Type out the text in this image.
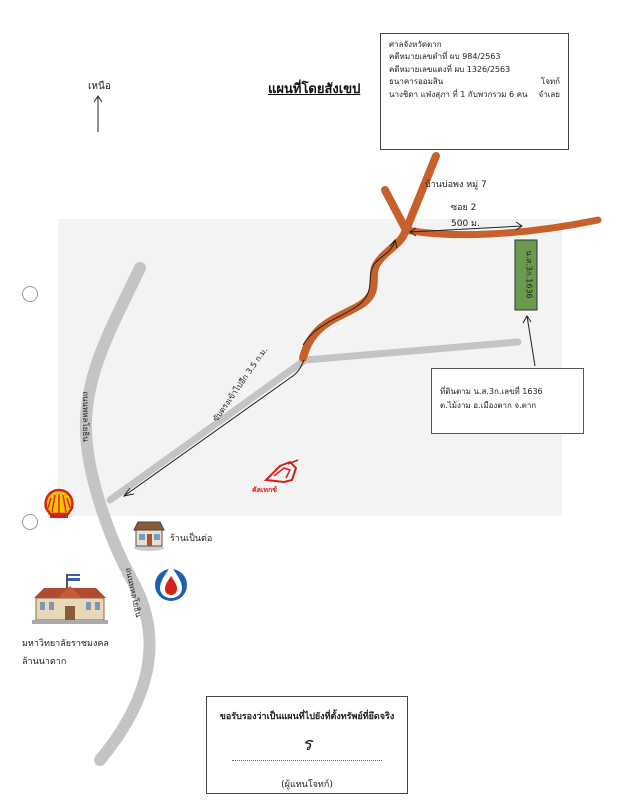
แผนที่โดยสังเขป
เหนือ
ศาลจังหวัดตาก
คดีหมายเลขดำที่ ผบ 984/2563
คดีหมายเลขแดงที่ ผบ 1326/2563
ธนาคารออมสิน	โจทก์
นางชิดา แฟ่งสุภา ที่ 1 กับพวกรวม 6 คน จำเลย
บ้านบ่อพง หมู่ 7
ซอย 2
500 ม.
น.ส.3ก.1636
ขับตรงเข้าไปอีก 3.5 ก.ม.
ถนนพหลโยธิน
ถนนพหลโยธิน
ที่ดินตาม น.ส.3ก.เลขที่ 1636
ต.ไม้งาม อ.เมืองตาก จ.ตาก
คัลเทกซ์
ร้านเป็นต่อ
มหาวิทยาลัยราชมงคล
ล้านนาตาก
ขอรับรองว่าเป็นแผนที่ไปยังที่ตั้งทรัพย์ที่ยึดจริง
ร
(ผู้แทนโจทก์)
